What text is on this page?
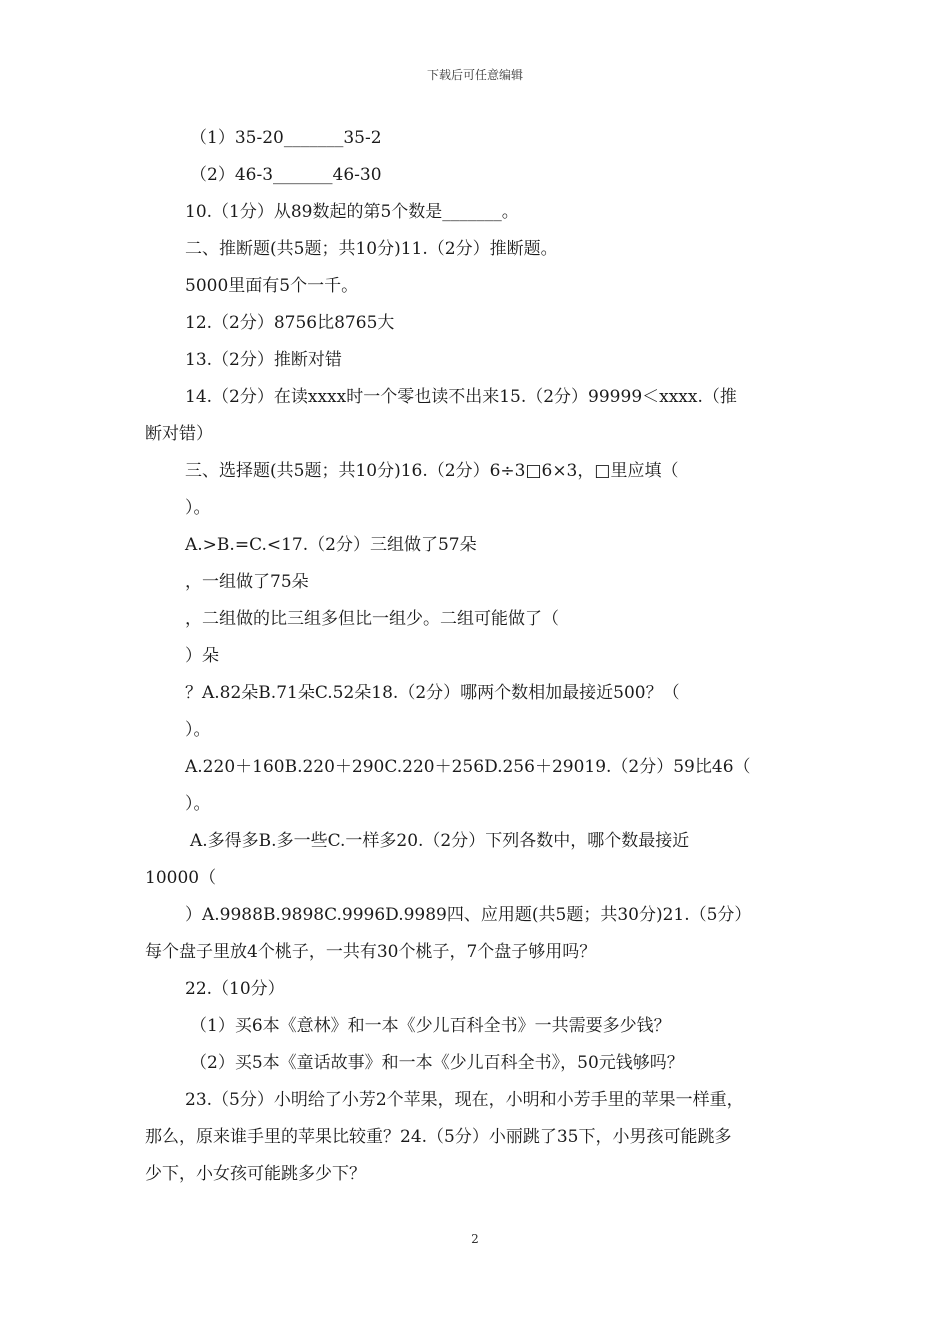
下载后可任意编辑
（1）35-20_______35-2
（2）46-3_______46-30
10.（1分）从89数起的第5个数是_______。
二、推断题(共5题；共10分)11.（2分）推断题。
5000里面有5个一千。
12.（2分）8756比8765大
13.（2分）推断对错
14.（2分）在读xxxx时一个零也读不出来15.（2分）99999＜xxxx.（推
断对错）
三、选择题(共5题；共10分)16.（2分）6÷3□6×3，□里应填（
）。
A.>B.=C.<17.（2分）三组做了57朵
，一组做了75朵
，二组做的比三组多但比一组少。二组可能做了（
）朵
？A.82朵B.71朵C.52朵18.（2分）哪两个数相加最接近500？（
）。
A.220＋160B.220＋290C.220＋256D.256＋29019.（2分）59比46（
）。
A.多得多B.多一些C.一样多20.（2分）下列各数中，哪个数最接近
10000（
）A.9988B.9898C.9996D.9989四、应用题(共5题；共30分)21.（5分）
每个盘子里放4个桃子，一共有30个桃子，7个盘子够用吗？
22.（10分）
（1）买6本《意林》和一本《少儿百科全书》一共需要多少钱？
（2）买5本《童话故事》和一本《少儿百科全书》，50元钱够吗？
23.（5分）小明给了小芳2个苹果，现在，小明和小芳手里的苹果一样重，
那么，原来谁手里的苹果比较重？24.（5分）小丽跳了35下，小男孩可能跳多
少下，小女孩可能跳多少下？
2
